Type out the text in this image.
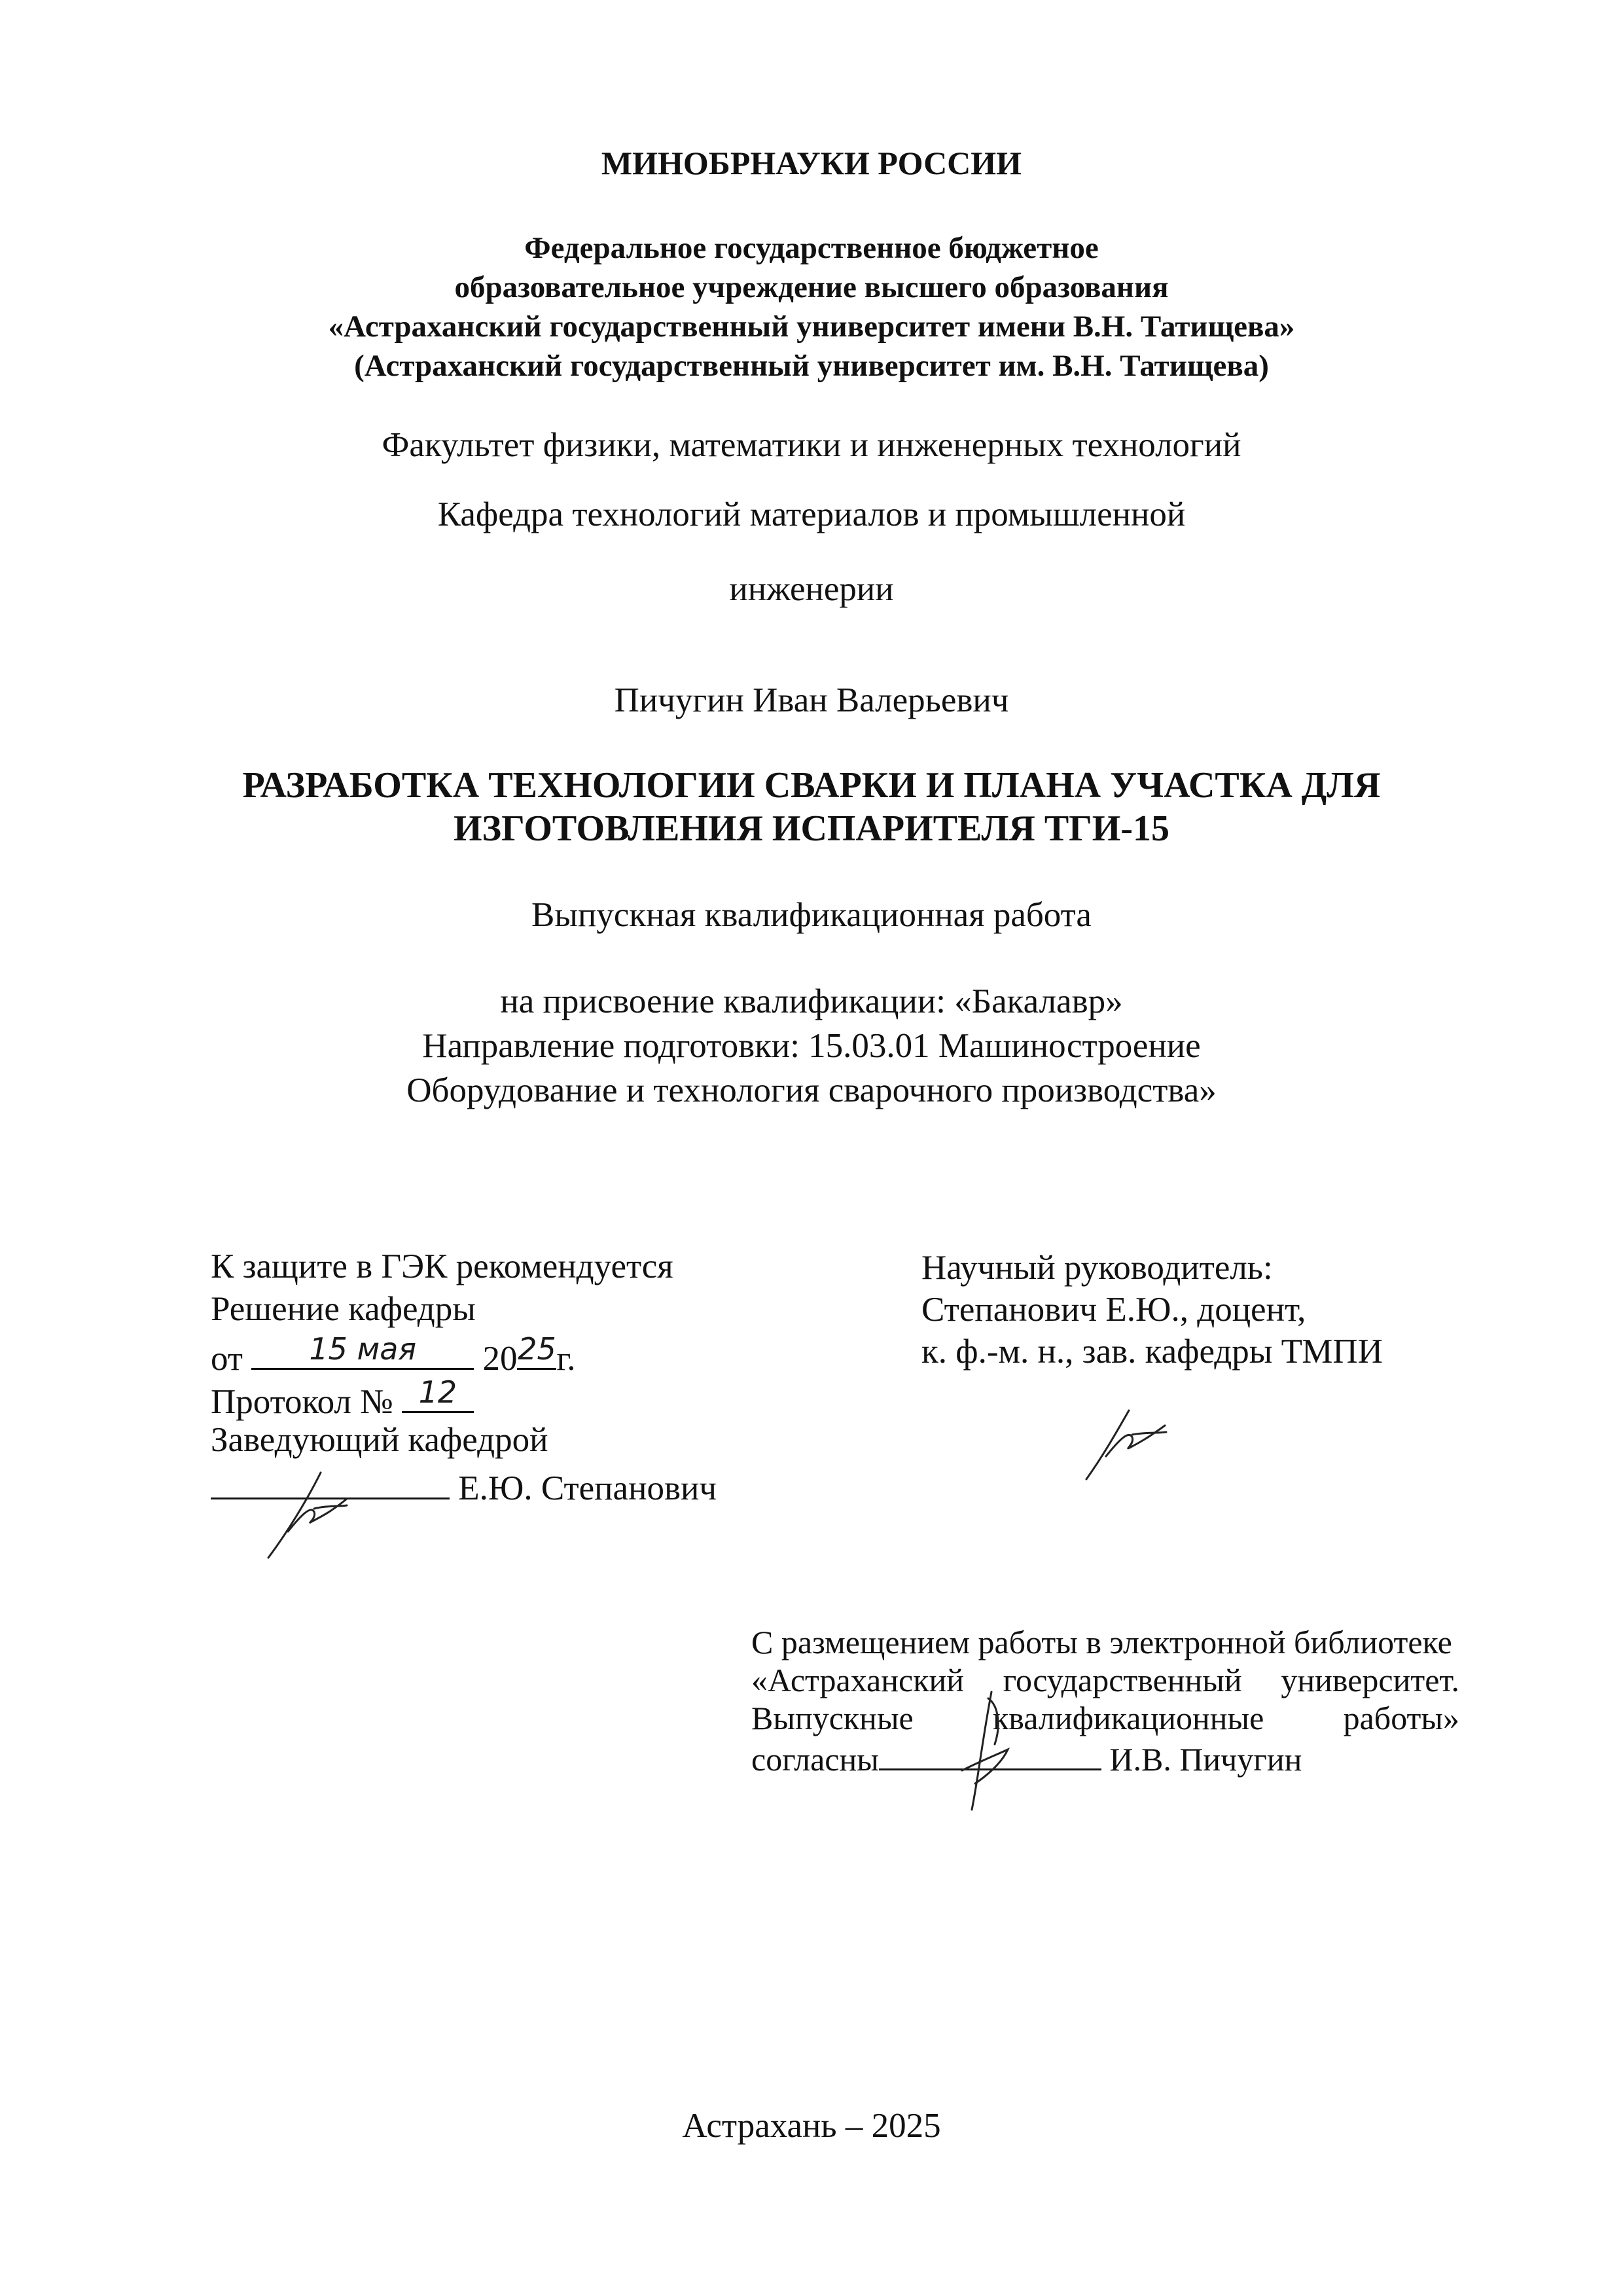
МИНОБРНАУКИ РОССИИ
Федеральное государственное бюджетное
образовательное учреждение высшего образования
«Астраханский государственный университет имени В.Н. Татищева»
(Астраханский государственный университет им. В.Н. Татищева)
Факультет физики, математики и инженерных технологий
Кафедра технологий материалов и промышленной
инженерии
Пичугин Иван Валерьевич
РАЗРАБОТКА ТЕХНОЛОГИИ СВАРКИ И ПЛАНА УЧАСТКА ДЛЯ
ИЗГОТОВЛЕНИЯ ИСПАРИТЕЛЯ ТГИ-15
Выпускная квалификационная работа
на присвоение квалификации: «Бакалавр»
Направление подготовки: 15.03.01 Машиностроение
Оборудование и технология сварочного производства»
К защите в ГЭК рекомендуется
Решение кафедры
от	15 мая	20 25 г.
Протокол № 12
Заведующий кафедрой
Е.Ю. Степанович
Научный руководитель:
Степанович Е.Ю., доцент,
к. ф.-м. н., зав. кафедры ТМПИ
С размещением работы в электронной библиотеке
«Астраханский государственный университет.
Выпускные квалификационные работы»
согласны	И.В. Пичугин
Астрахань – 2025
